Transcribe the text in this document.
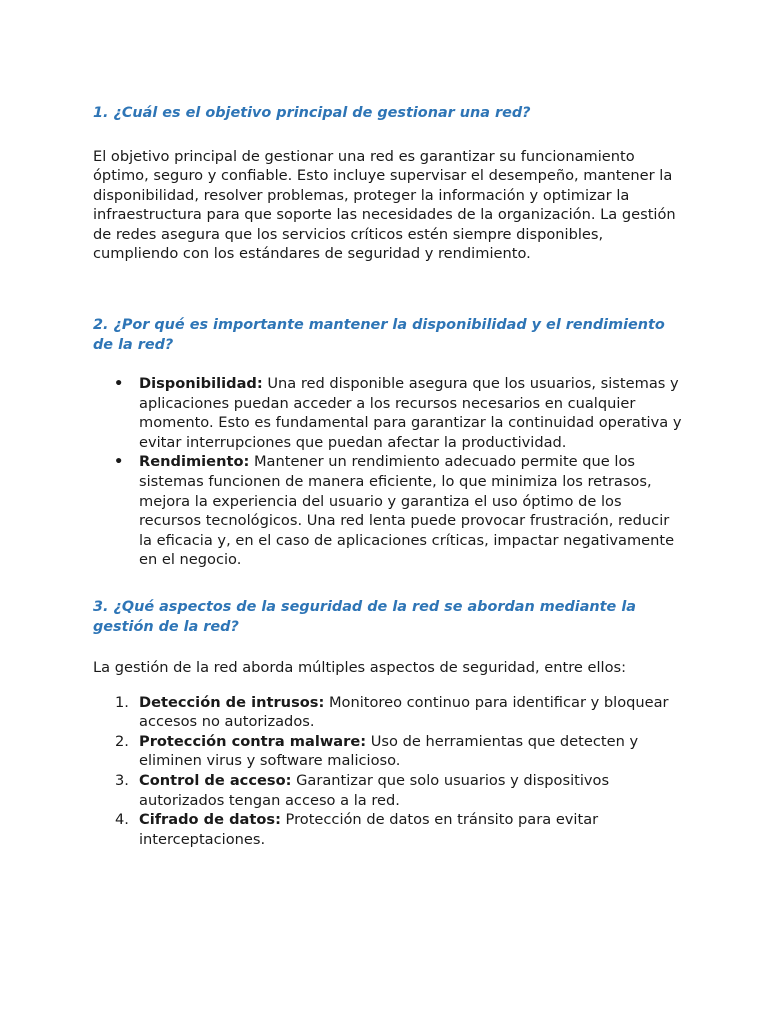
1. ¿Cuál es el objetivo principal de gestionar una red?

El objetivo principal de gestionar una red es garantizar su funcionamiento óptimo, seguro y confiable. Esto incluye supervisar el desempeño, mantener la disponibilidad, resolver problemas, proteger la información y optimizar la infraestructura para que soporte las necesidades de la organización. La gestión de redes asegura que los servicios críticos estén siempre disponibles, cumpliendo con los estándares de seguridad y rendimiento.

2. ¿Por qué es importante mantener la disponibilidad y el rendimiento de la red?
• Disponibilidad: Una red disponible asegura que los usuarios, sistemas y aplicaciones puedan acceder a los recursos necesarios en cualquier momento. Esto es fundamental para garantizar la continuidad operativa y evitar interrupciones que puedan afectar la productividad.
• Rendimiento: Mantener un rendimiento adecuado permite que los sistemas funcionen de manera eficiente, lo que minimiza los retrasos, mejora la experiencia del usuario y garantiza el uso óptimo de los recursos tecnológicos. Una red lenta puede provocar frustración, reducir la eficacia y, en el caso de aplicaciones críticas, impactar negativamente en el negocio.
3. ¿Qué aspectos de la seguridad de la red se abordan mediante la gestión de la red?

La gestión de la red aborda múltiples aspectos de seguridad, entre ellos:

1. Detección de intrusos: Monitoreo continuo para identificar y bloquear accesos no autorizados.
2. Protección contra malware: Uso de herramientas que detecten y eliminen virus y software malicioso.
3. Control de acceso: Garantizar que solo usuarios y dispositivos autorizados tengan acceso a la red.
4. Cifrado de datos: Protección de datos en tránsito para evitar interceptaciones.
